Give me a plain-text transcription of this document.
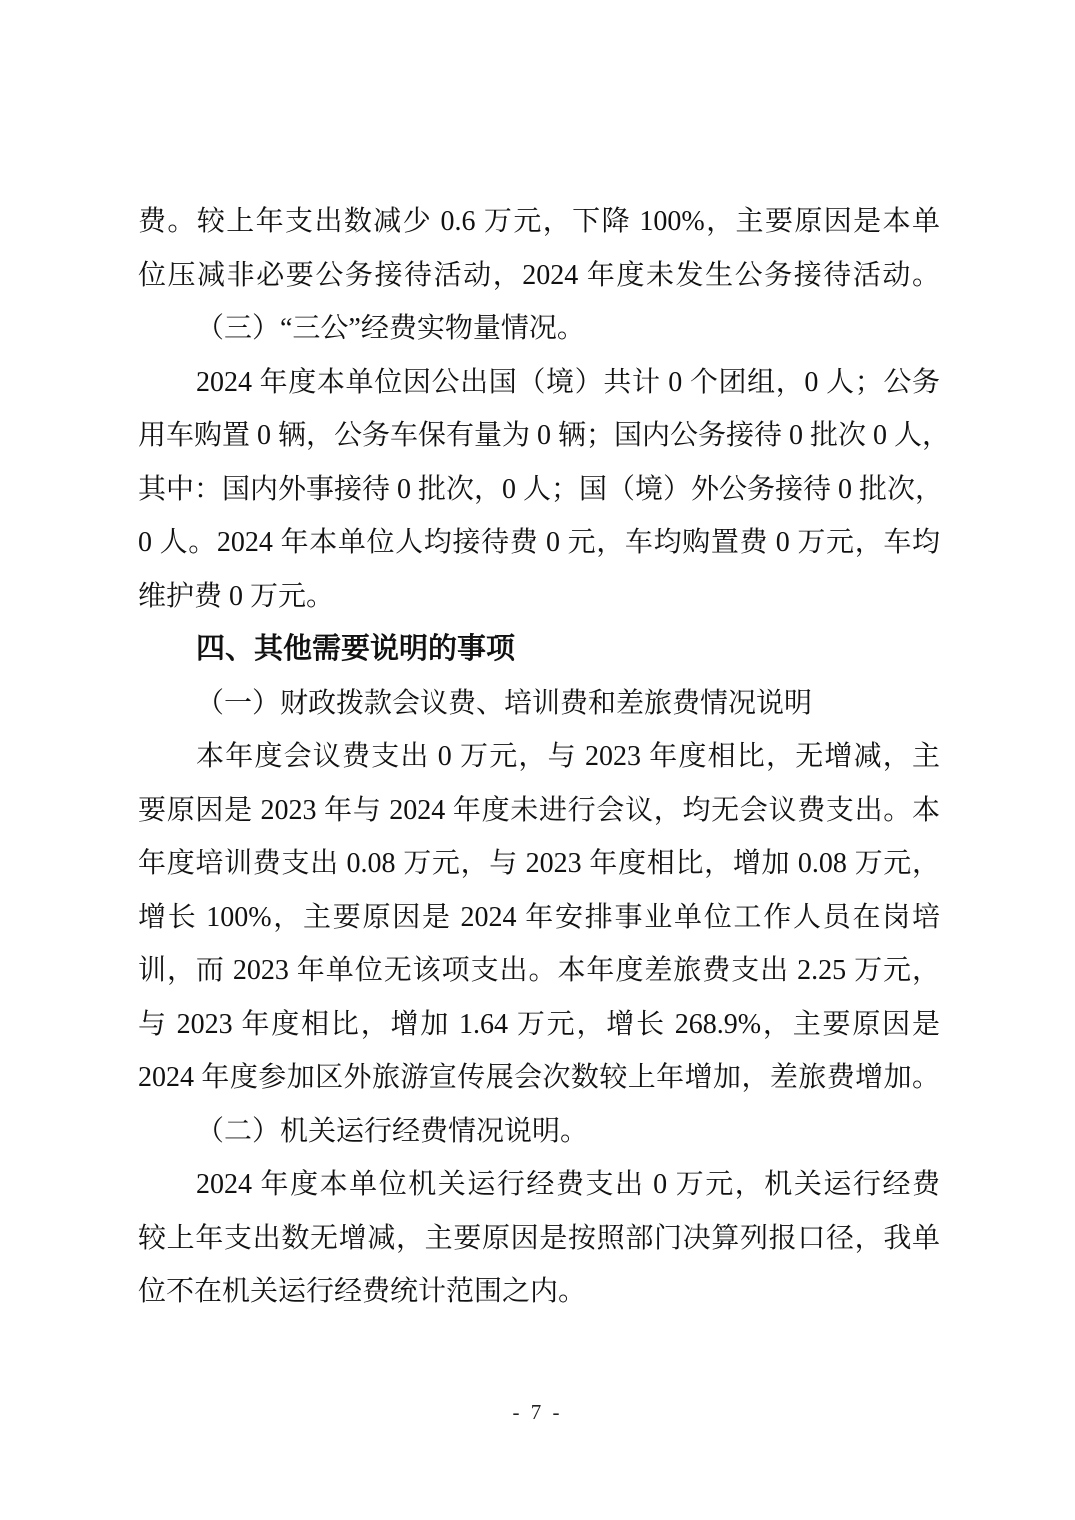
费。较上年支出数减少 0.6 万元，下降 100%，主要原因是本单
位压减非必要公务接待活动，2024 年度未发生公务接待活动。
（三）“三公”经费实物量情况。
2024 年度本单位因公出国（境）共计 0 个团组，0 人；公务
用车购置 0 辆，公务车保有量为 0 辆；国内公务接待 0 批次 0 人，
其中：国内外事接待 0 批次，0 人；国（境）外公务接待 0 批次，
0 人。2024 年本单位人均接待费 0 元，车均购置费 0 万元，车均
维护费 0 万元。
四、其他需要说明的事项
（一）财政拨款会议费、培训费和差旅费情况说明
本年度会议费支出 0 万元，与 2023 年度相比，无增减，主
要原因是 2023 年与 2024 年度未进行会议，均无会议费支出。本
年度培训费支出 0.08 万元，与 2023 年度相比，增加 0.08 万元，
增长 100%，主要原因是 2024 年安排事业单位工作人员在岗培
训，而 2023 年单位无该项支出。本年度差旅费支出 2.25 万元，
与 2023 年度相比，增加 1.64 万元，增长 268.9%，主要原因是
2024 年度参加区外旅游宣传展会次数较上年增加，差旅费增加。
（二）机关运行经费情况说明。
2024 年度本单位机关运行经费支出 0 万元，机关运行经费
较上年支出数无增减，主要原因是按照部门决算列报口径，我单
位不在机关运行经费统计范围之内。
- 7 -
